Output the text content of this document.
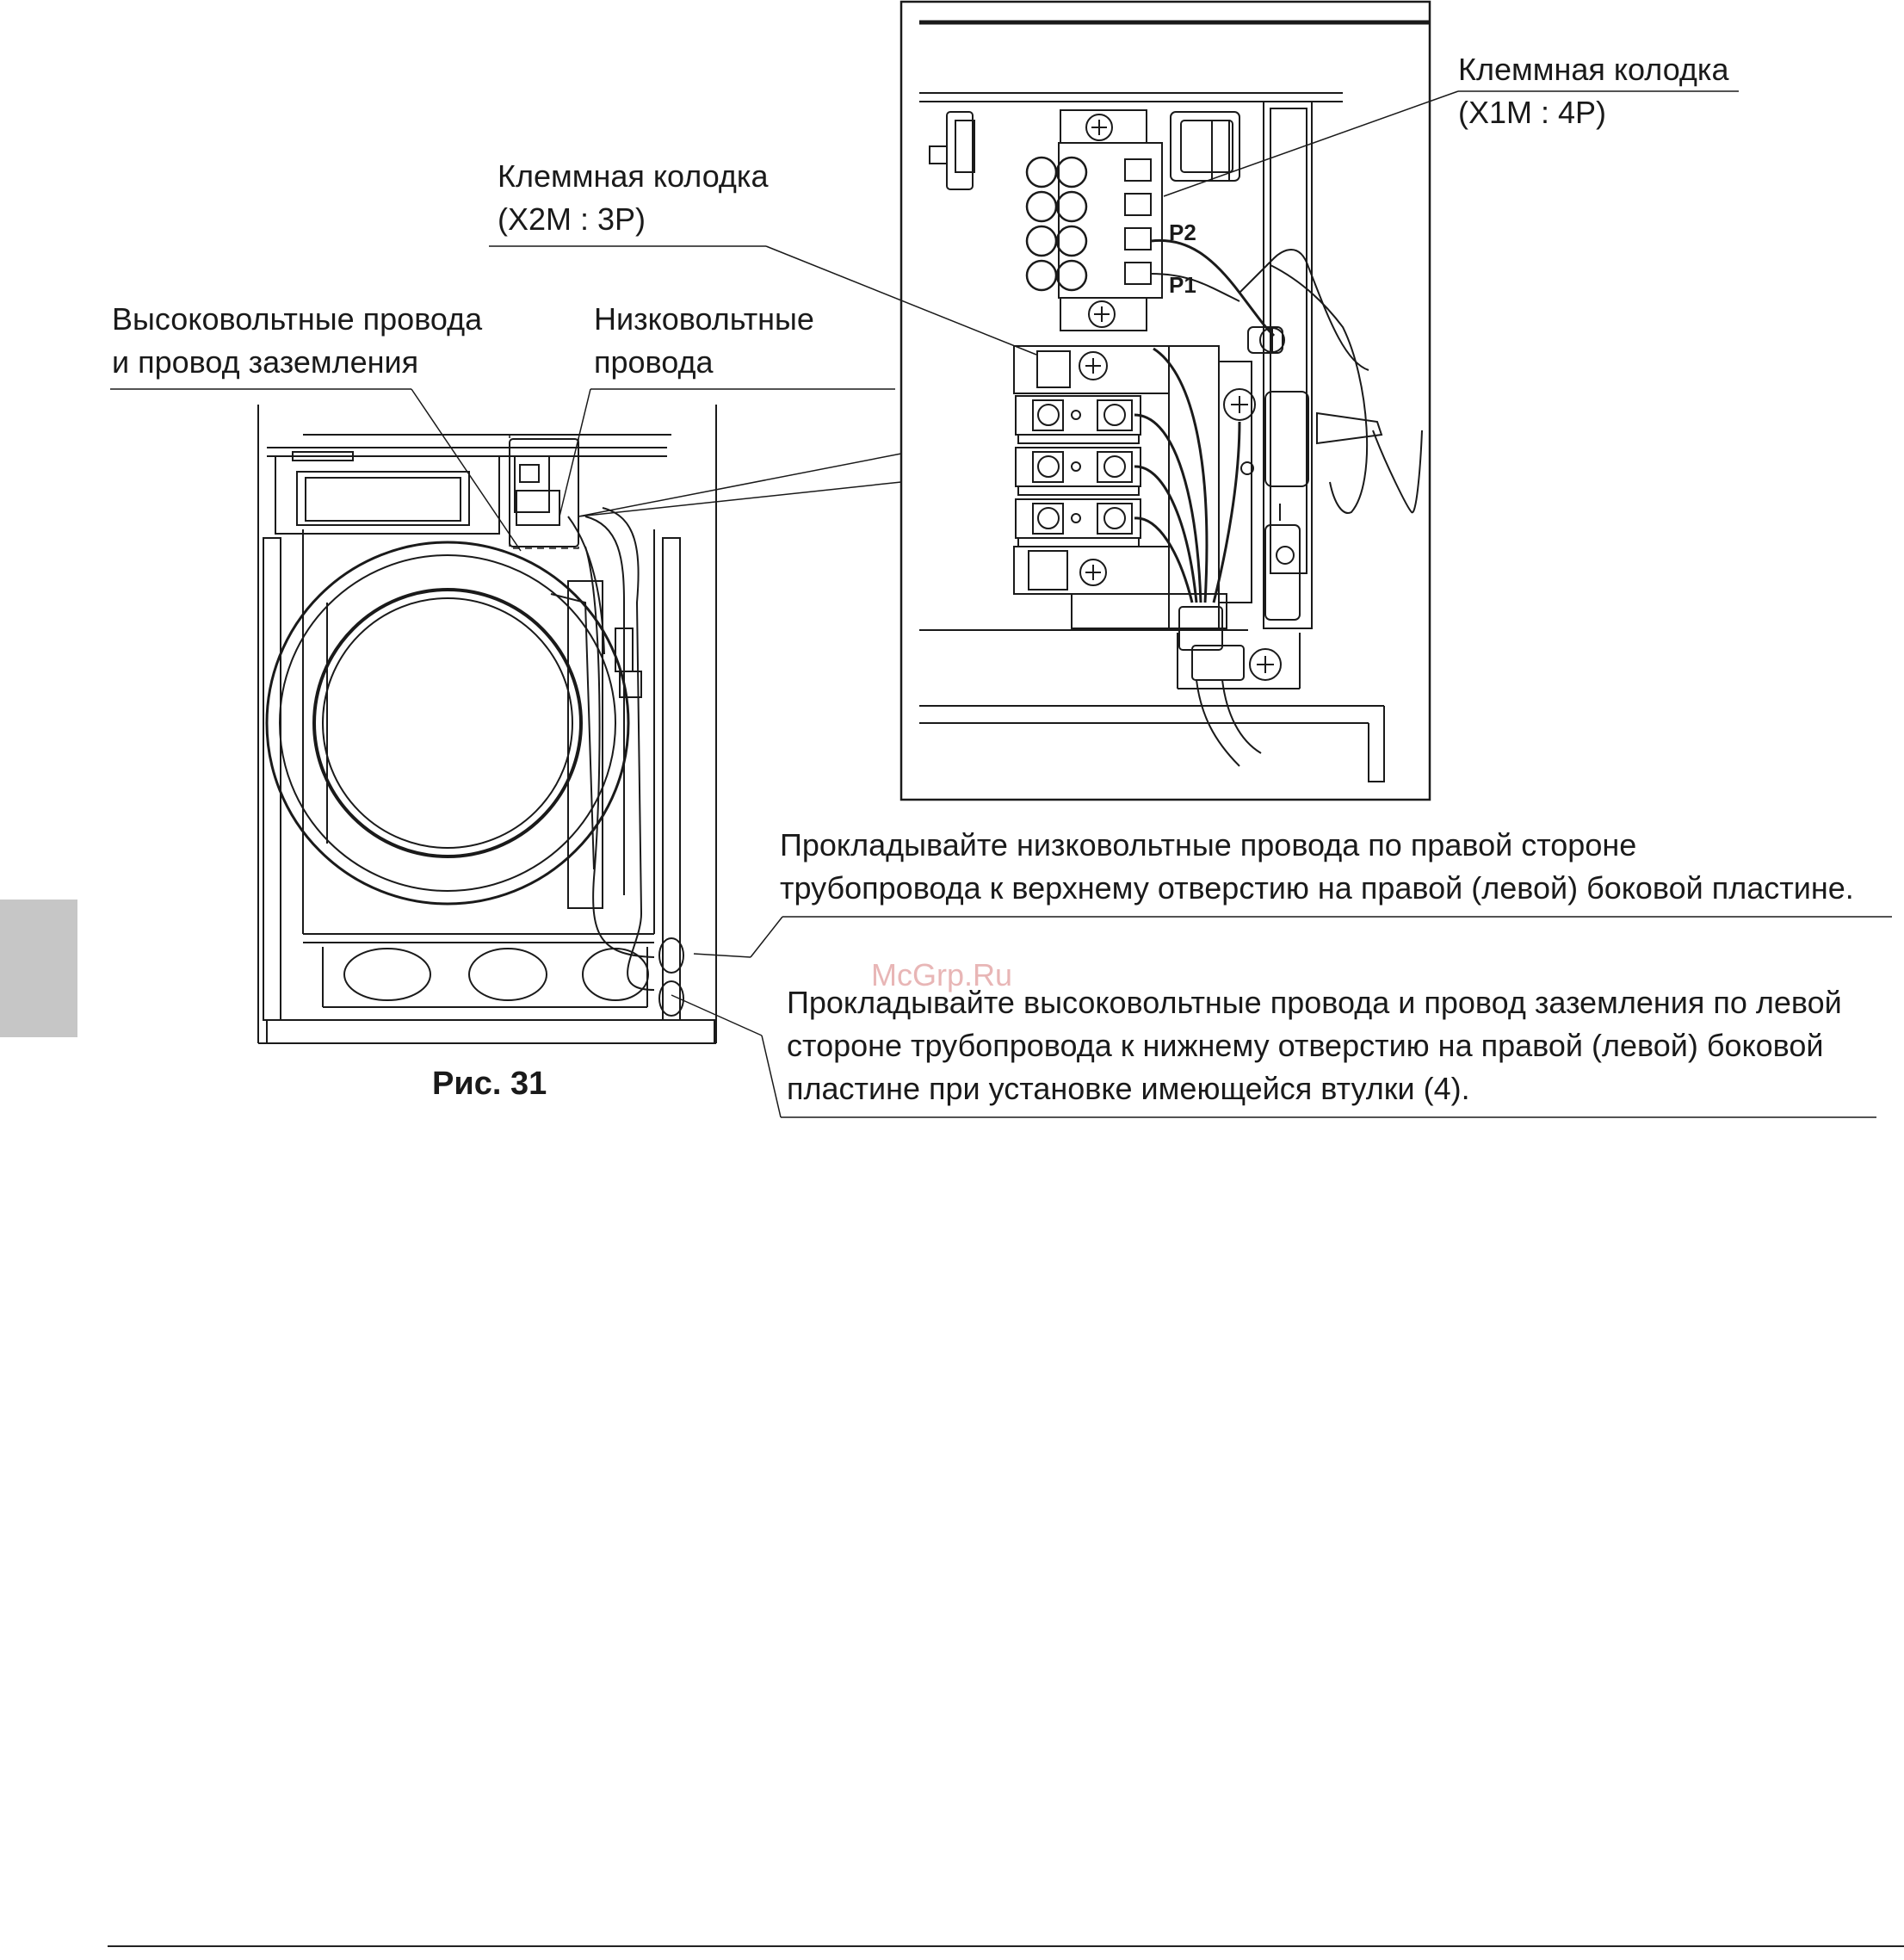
Клеммная колодка
(X1M : 4P)
Клеммная колодка
(X2M : 3P)
Высоковольтные провода
и провод заземления
Низковольтные
провода
P2
P1
Прокладывайте низковольтные провода по правой стороне
трубопровода к верхнему отверстию на правой (левой) боковой пластине.
Прокладывайте высоковольтные провода и провод заземления по левой
стороне трубопровода к нижнему отверстию на правой (левой) боковой
пластине при установке имеющейся втулки (4).
McGrp.Ru
Рис. 31
